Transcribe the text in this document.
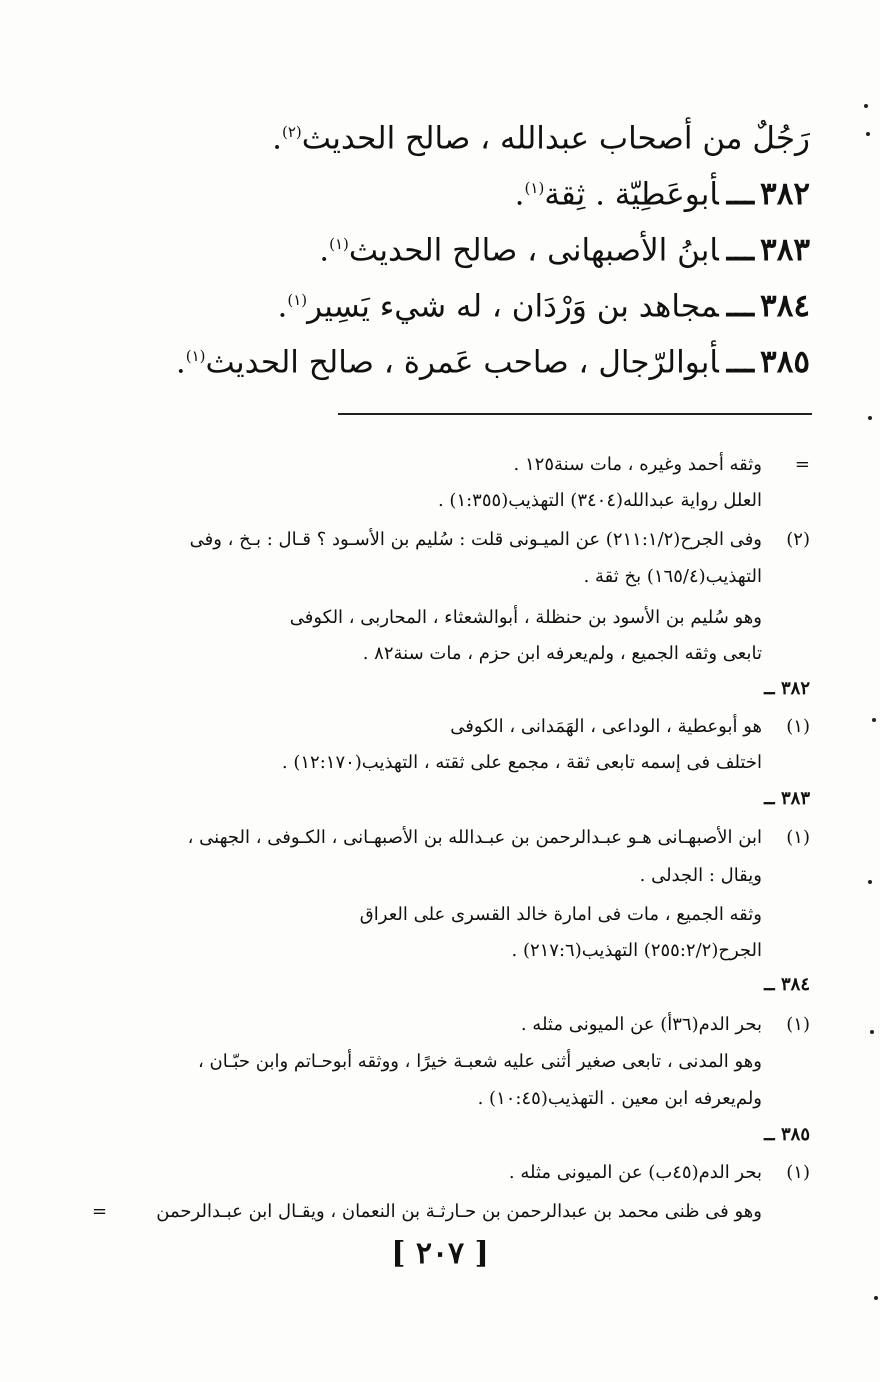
رَجُلٌ من أصحاب عبدالله ، صالح الحديث$^{(٢)}$.
٣٨٢ـــأبوعَطِيّة . ثِقة$^{(١)}$.
٣٨٣ـــابنُ الأصبهانى ، صالح الحديث$^{(١)}$.
٣٨٤ـــمجاهد بن وَرْدَان ، له شيء يَسِير$^{(١)}$.
٣٨٥ـــأبوالرّجال ، صاحب عَمرة ، صالح الحديث$^{(١)}$.
=
وثقه أحمد وغيره ، مات سنة١٢٥ .
العلل رواية عبدالله(٣٤٠٤) التهذيب(١:٣٥٥) .
(٢)
وفى الجرح(٢١١:١/٢) عن الميـونى قلت : سُليم بن الأسـود ؟ قـال : بـخ ، وفى
التهذيب(١٦٥/٤) بخ ثقة .
وهو سُليم بن الأسود بن حنظلة ، أبوالشعثاء ، المحاربى ، الكوفى
تابعى وثقه الجميع ، ولم‌يعرفه ابن حزم ، مات سنة٨٢ .
٣٨٢ ــ
(١)
هو أبوعطية ، الوداعى ، الهَمَدانى ، الكوفى
اختلف فى إسمه تابعى ثقة ، مجمع على ثقته ، التهذيب(١٢:١٧٠) .
٣٨٣ ــ
(١)
ابن الأصبهـانى هـو عبـدالرحمن بن عبـدالله بن الأصبهـانى ، الكـوفى ، الجهنى ،
ويقال : الجدلى .
وثقه الجميع ، مات فى امارة خالد القسرى على العراق
الجرح(٢٥٥:٢/٢) التهذيب(٢١٧:٦) .
٣٨٤ ــ
(١)
بحر الدم(٣٦أ) عن الميونى مثله .
وهو المدنى ، تابعى صغير أثنى عليه شعبـة خيرًا ، ووثقه أبوحـاتم وابن حبّـان ،
ولم‌يعرفه ابن معين . التهذيب(١٠:٤٥) .
٣٨٥ ــ
(١)
بحر الدم(٤٥ب) عن الميونى مثله .
وهو فى ظنى محمد بن عبدالرحمن بن حـارثـة بن النعمان ، ويقـال ابن عبـدالرحمن
=
[ ٢٠٧ ]
